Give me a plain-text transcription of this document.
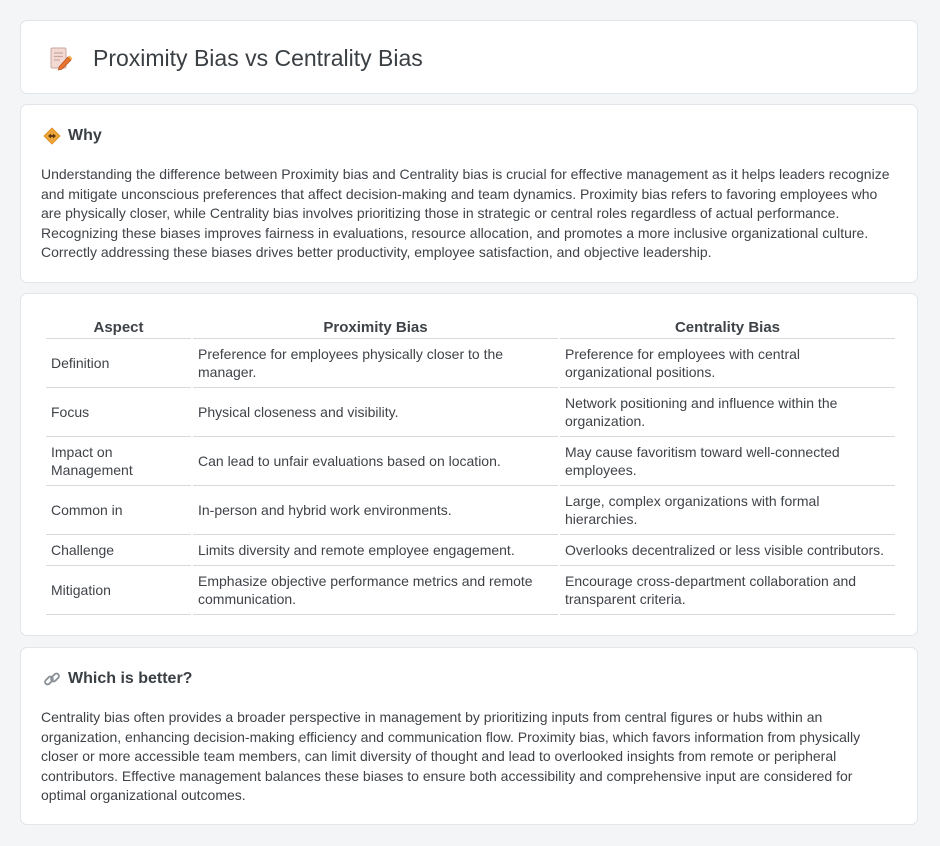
Proximity Bias vs Centrality Bias
Why

Understanding the difference between Proximity bias and Centrality bias is crucial for effective management as it helps leaders recognize and mitigate unconscious preferences that affect decision-making and team dynamics. Proximity bias refers to favoring employees who are physically closer, while Centrality bias involves prioritizing those in strategic or central roles regardless of actual performance. Recognizing these biases improves fairness in evaluations, resource allocation, and promotes a more inclusive organizational culture. Correctly addressing these biases drives better productivity, employee satisfaction, and objective leadership.

Aspect	Proximity Bias	Centrality Bias
Definition	Preference for employees physically closer to the manager.	Preference for employees with central organizational positions.
Focus	Physical closeness and visibility.	Network positioning and influence within the organization.
Impact on Management	Can lead to unfair evaluations based on location.	May cause favoritism toward well-connected employees.
Common in	In-person and hybrid work environments.	Large, complex organizations with formal hierarchies.
Challenge	Limits diversity and remote employee engagement.	Overlooks decentralized or less visible contributors.
Mitigation	Emphasize objective performance metrics and remote communication.	Encourage cross-department collaboration and transparent criteria.
Which is better?

Centrality bias often provides a broader perspective in management by prioritizing inputs from central figures or hubs within an organization, enhancing decision-making efficiency and communication flow. Proximity bias, which favors information from physically closer or more accessible team members, can limit diversity of thought and lead to overlooked insights from remote or peripheral contributors. Effective management balances these biases to ensure both accessibility and comprehensive input are considered for optimal organizational outcomes.
